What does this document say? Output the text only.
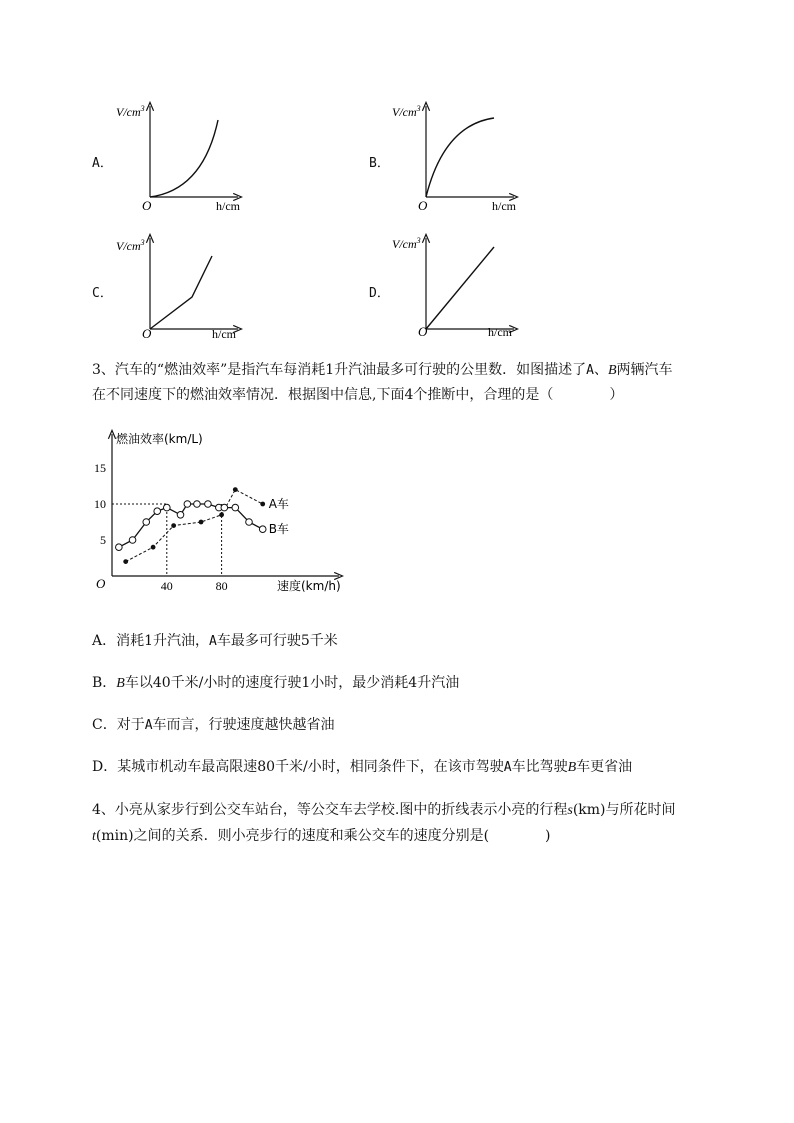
A．
$V/cm^3$
h/cm
O
B．
$V/cm^3$
h/cm
O
C．
$V/cm^3$
h/cm
O
D．
$V/cm^3$
h/cm
O
3、汽车的“燃油效率”是指汽车每消耗1升汽油最多可行驶的公里数．如图描述了A、B两辆汽车
在不同速度下的燃油效率情况．根据图中信息,下面4个推断中，合理的是（	）
5
10
15
40	80
燃油效率(km/L)
速度(km/h)
O
A车
B车
A．消耗1升汽油，A车最多可行驶5千米
B．B车以40千米/小时的速度行驶1小时，最少消耗4升汽油
C．对于A车而言，行驶速度越快越省油
D．某城市机动车最高限速80千米/小时，相同条件下，在该市驾驶A车比驾驶B车更省油
4、小亮从家步行到公交车站台，等公交车去学校.图中的折线表示小亮的行程s(km)与所花时间
t(min)之间的关系．则小亮步行的速度和乘公交车的速度分别是(	)
